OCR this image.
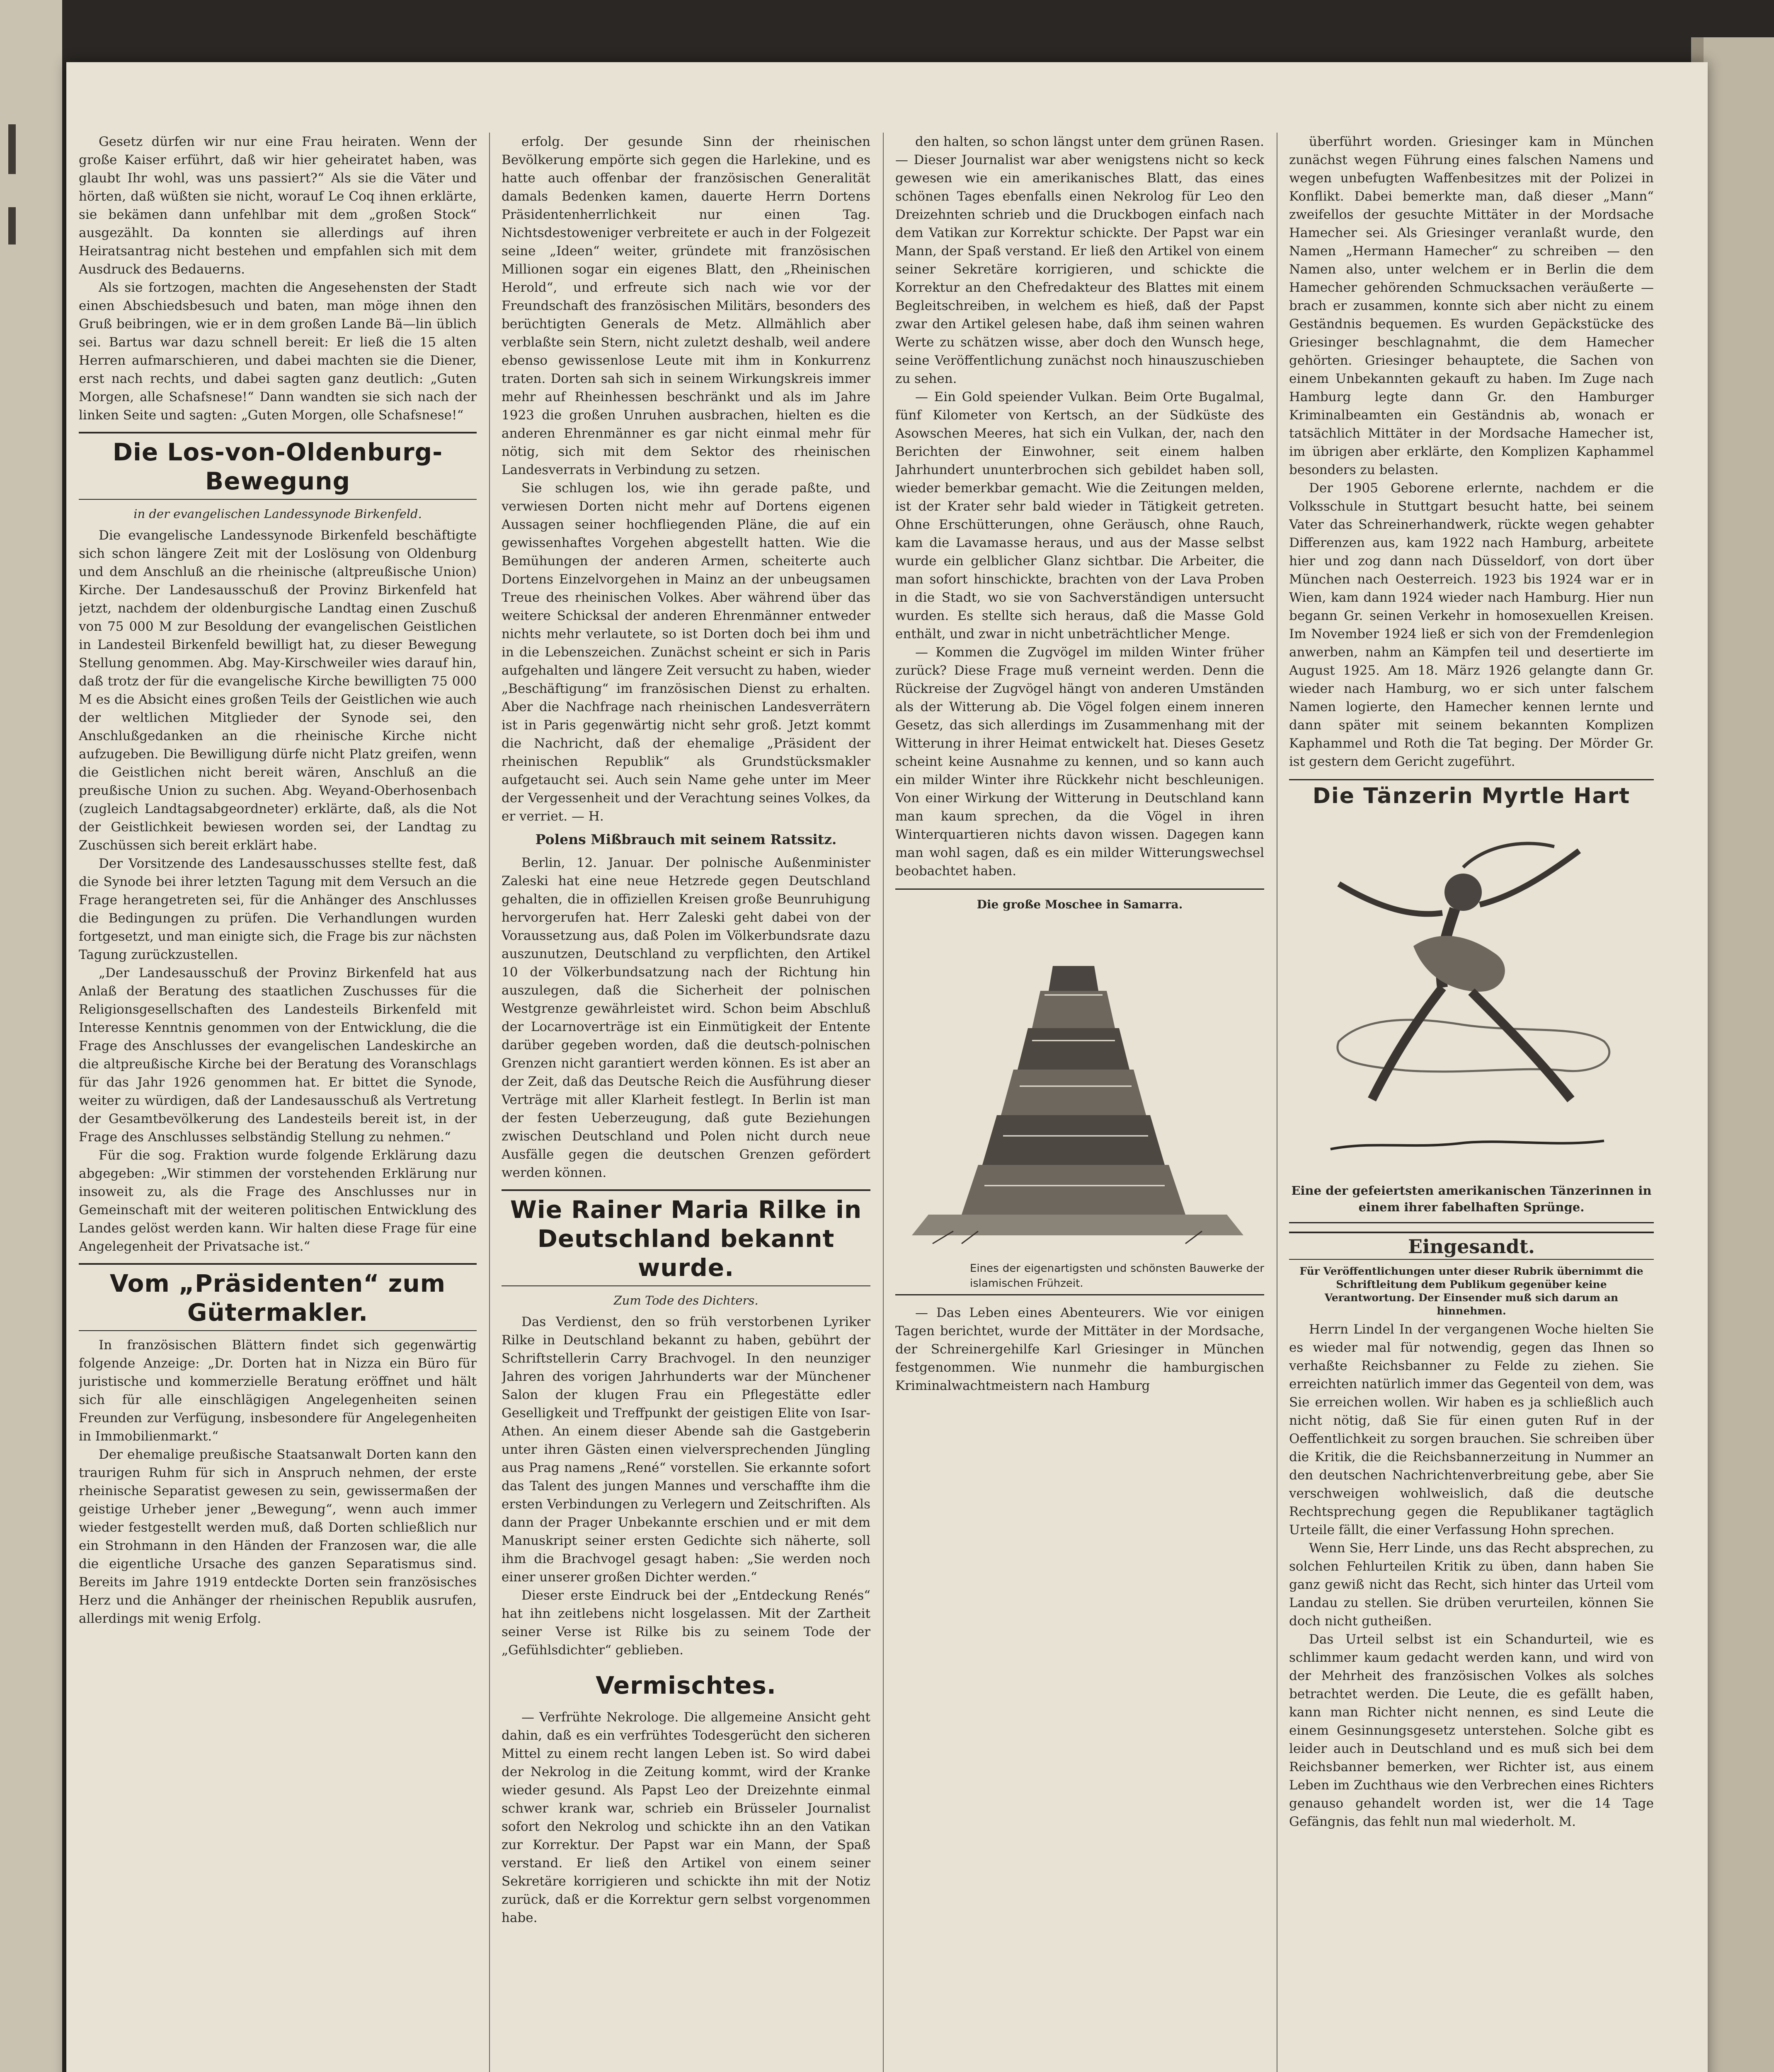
Gesetz dürfen wir nur eine Frau heiraten. Wenn der große Kaiser erführt, daß wir hier geheiratet haben, was glaubt Ihr wohl, was uns passiert?“ Als sie die Väter und hörten, daß wüßten sie nicht, worauf Le Coq ihnen erklärte, sie bekämen dann unfehlbar mit dem „großen Stock“ ausgezählt. Da konnten sie allerdings auf ihren Heiratsantrag nicht bestehen und empfahlen sich mit dem Ausdruck des Bedauerns.

Als sie fortzogen, machten die Angesehensten der Stadt einen Abschiedsbesuch und baten, man möge ihnen den Gruß beibringen, wie er in dem großen Lande Bä—lin üblich sei. Bartus war dazu schnell bereit: Er ließ die 15 alten Herren aufmarschieren, und dabei machten sie die Diener, erst nach rechts, und dabei sagten ganz deutlich: „Guten Morgen, alle Schafsnese!“ Dann wandten sie sich nach der linken Seite und sagten: „Guten Morgen, olle Schafsnese!“

Die Los-von-Oldenburg-Bewegung
in der evangelischen Landessynode Birkenfeld.

Die evangelische Landessynode Birkenfeld beschäftigte sich schon längere Zeit mit der Loslösung von Oldenburg und dem Anschluß an die rheinische (altpreußische Union) Kirche. Der Landesausschuß der Provinz Birkenfeld hat jetzt, nachdem der oldenburgische Landtag einen Zuschuß von 75 000 M zur Besoldung der evangelischen Geistlichen in Landesteil Birkenfeld bewilligt hat, zu dieser Bewegung Stellung genommen. Abg. May-Kirschweiler wies darauf hin, daß trotz der für die evangelische Kirche bewilligten 75 000 M es die Absicht eines großen Teils der Geistlichen wie auch der weltlichen Mitglieder der Synode sei, den Anschlußgedanken an die rheinische Kirche nicht aufzugeben. Die Bewilligung dürfe nicht Platz greifen, wenn die Geistlichen nicht bereit wären, Anschluß an die preußische Union zu suchen. Abg. Weyand-Oberhosenbach (zugleich Landtagsabgeordneter) erklärte, daß, als die Not der Geistlichkeit bewiesen worden sei, der Landtag zu Zuschüssen sich bereit erklärt habe.

Der Vorsitzende des Landesausschusses stellte fest, daß die Synode bei ihrer letzten Tagung mit dem Versuch an die Frage herangetreten sei, für die Anhänger des Anschlusses die Bedingungen zu prüfen. Die Verhandlungen wurden fortgesetzt, und man einigte sich, die Frage bis zur nächsten Tagung zurückzustellen.

„Der Landesausschuß der Provinz Birkenfeld hat aus Anlaß der Beratung des staatlichen Zuschusses für die Religionsgesellschaften des Landesteils Birkenfeld mit Interesse Kenntnis genommen von der Entwicklung, die die Frage des Anschlusses der evangelischen Landeskirche an die altpreußische Kirche bei der Beratung des Voranschlags für das Jahr 1926 genommen hat. Er bittet die Synode, weiter zu würdigen, daß der Landesausschuß als Vertretung der Gesamtbevölkerung des Landesteils bereit ist, in der Frage des Anschlusses selbständig Stellung zu nehmen.“

Für die sog. Fraktion wurde folgende Erklärung dazu abgegeben: „Wir stimmen der vorstehenden Erklärung nur insoweit zu, als die Frage des Anschlusses nur in Gemeinschaft mit der weiteren politischen Entwicklung des Landes gelöst werden kann. Wir halten diese Frage für eine Angelegenheit der Privatsache ist.“

Vom „Präsidenten“ zum Gütermakler.

In französischen Blättern findet sich gegenwärtig folgende Anzeige: „Dr. Dorten hat in Nizza ein Büro für juristische und kommerzielle Beratung eröffnet und hält sich für alle einschlägigen Angelegenheiten seinen Freunden zur Verfügung, insbesondere für Angelegenheiten in Immobilienmarkt.“

Der ehemalige preußische Staatsanwalt Dorten kann den traurigen Ruhm für sich in Anspruch nehmen, der erste rheinische Separatist gewesen zu sein, gewissermaßen der geistige Urheber jener „Bewegung“, wenn auch immer wieder festgestellt werden muß, daß Dorten schließlich nur ein Strohmann in den Händen der Franzosen war, die alle die eigentliche Ursache des ganzen Separatismus sind. Bereits im Jahre 1919 entdeckte Dorten sein französisches Herz und die Anhänger der rheinischen Republik ausrufen, allerdings mit wenig Erfolg.

erfolg. Der gesunde Sinn der rheinischen Bevölkerung empörte sich gegen die Harlekine, und es hatte auch offenbar der französischen Generalität damals Bedenken kamen, dauerte Herrn Dortens Präsidentenherrlichkeit nur einen Tag. Nichtsdestoweniger verbreitete er auch in der Folgezeit seine „Ideen“ weiter, gründete mit französischen Millionen sogar ein eigenes Blatt, den „Rheinischen Herold“, und erfreute sich nach wie vor der Freundschaft des französischen Militärs, besonders des berüchtigten Generals de Metz. Allmählich aber verblaßte sein Stern, nicht zuletzt deshalb, weil andere ebenso gewissenlose Leute mit ihm in Konkurrenz traten. Dorten sah sich in seinem Wirkungskreis immer mehr auf Rheinhessen beschränkt und als im Jahre 1923 die großen Unruhen ausbrachen, hielten es die anderen Ehrenmänner es gar nicht einmal mehr für nötig, sich mit dem Sektor des rheinischen Landesverrats in Verbindung zu setzen.

Sie schlugen los, wie ihn gerade paßte, und verwiesen Dorten nicht mehr auf Dortens eigenen Aussagen seiner hochfliegenden Pläne, die auf ein gewissenhaftes Vorgehen abgestellt hatten. Wie die Bemühungen der anderen Armen, scheiterte auch Dortens Einzelvorgehen in Mainz an der unbeugsamen Treue des rheinischen Volkes. Aber während über das weitere Schicksal der anderen Ehrenmänner entweder nichts mehr verlautete, so ist Dorten doch bei ihm und in die Lebenszeichen. Zunächst scheint er sich in Paris aufgehalten und längere Zeit versucht zu haben, wieder „Beschäftigung“ im französischen Dienst zu erhalten. Aber die Nachfrage nach rheinischen Landesverrätern ist in Paris gegenwärtig nicht sehr groß. Jetzt kommt die Nachricht, daß der ehemalige „Präsident der rheinischen Republik“ als Grundstücksmakler aufgetaucht sei. Auch sein Name gehe unter im Meer der Vergessenheit und der Verachtung seines Volkes, da er verriet. — H.

Polens Mißbrauch mit seinem Ratssitz.

Berlin, 12. Januar. Der polnische Außenminister Zaleski hat eine neue Hetzrede gegen Deutschland gehalten, die in offiziellen Kreisen große Beunruhigung hervorgerufen hat. Herr Zaleski geht dabei von der Voraussetzung aus, daß Polen im Völkerbundsrate dazu auszunutzen, Deutschland zu verpflichten, den Artikel 10 der Völkerbundsatzung nach der Richtung hin auszulegen, daß die Sicherheit der polnischen Westgrenze gewährleistet wird. Schon beim Abschluß der Locarnoverträge ist ein Einmütigkeit der Entente darüber gegeben worden, daß die deutsch-polnischen Grenzen nicht garantiert werden können. Es ist aber an der Zeit, daß das Deutsche Reich die Ausführung dieser Verträge mit aller Klarheit festlegt. In Berlin ist man der festen Ueberzeugung, daß gute Beziehungen zwischen Deutschland und Polen nicht durch neue Ausfälle gegen die deutschen Grenzen gefördert werden können.

Wie Rainer Maria Rilke in Deutschland bekannt wurde.
Zum Tode des Dichters.

Das Verdienst, den so früh verstorbenen Lyriker Rilke in Deutschland bekannt zu haben, gebührt der Schriftstellerin Carry Brachvogel. In den neunziger Jahren des vorigen Jahrhunderts war der Münchener Salon der klugen Frau ein Pflegestätte edler Geselligkeit und Treffpunkt der geistigen Elite von Isar-Athen. An einem dieser Abende sah die Gastgeberin unter ihren Gästen einen vielversprechenden Jüngling aus Prag namens „René“ vorstellen. Sie erkannte sofort das Talent des jungen Mannes und verschaffte ihm die ersten Verbindungen zu Verlegern und Zeitschriften. Als dann der Prager Unbekannte erschien und er mit dem Manuskript seiner ersten Gedichte sich näherte, soll ihm die Brachvogel gesagt haben: „Sie werden noch einer unserer großen Dichter werden.“

Dieser erste Eindruck bei der „Entdeckung Renés“ hat ihn zeitlebens nicht losgelassen. Mit der Zartheit seiner Verse ist Rilke bis zu seinem Tode der „Gefühlsdichter“ geblieben.

Vermischtes.

— Verfrühte Nekrologe. Die allgemeine Ansicht geht dahin, daß es ein verfrühtes Todesgerücht den sicheren Mittel zu einem recht langen Leben ist. So wird dabei der Nekrolog in die Zeitung kommt, wird der Kranke wieder gesund. Als Papst Leo der Dreizehnte einmal schwer krank war, schrieb ein Brüsseler Journalist sofort den Nekrolog und schickte ihn an den Vatikan zur Korrektur. Der Papst war ein Mann, der Spaß verstand. Er ließ den Artikel von einem seiner Sekretäre korrigieren und schickte ihn mit der Notiz zurück, daß er die Korrektur gern selbst vorgenommen habe.

den halten, so schon längst unter dem grünen Rasen. — Dieser Journalist war aber wenigstens nicht so keck gewesen wie ein amerikanisches Blatt, das eines schönen Tages ebenfalls einen Nekrolog für Leo den Dreizehnten schrieb und die Druckbogen einfach nach dem Vatikan zur Korrektur schickte. Der Papst war ein Mann, der Spaß verstand. Er ließ den Artikel von einem seiner Sekretäre korrigieren, und schickte die Korrektur an den Chefredakteur des Blattes mit einem Begleitschreiben, in welchem es hieß, daß der Papst zwar den Artikel gelesen habe, daß ihm seinen wahren Werte zu schätzen wisse, aber doch den Wunsch hege, seine Veröffentlichung zunächst noch hinauszuschieben zu sehen.

— Ein Gold speiender Vulkan. Beim Orte Bugalmal, fünf Kilometer von Kertsch, an der Südküste des Asowschen Meeres, hat sich ein Vulkan, der, nach den Berichten der Einwohner, seit einem halben Jahrhundert ununterbrochen sich gebildet haben soll, wieder bemerkbar gemacht. Wie die Zeitungen melden, ist der Krater sehr bald wieder in Tätigkeit getreten. Ohne Erschütterungen, ohne Geräusch, ohne Rauch, kam die Lavamasse heraus, und aus der Masse selbst wurde ein gelblicher Glanz sichtbar. Die Arbeiter, die man sofort hinschickte, brachten von der Lava Proben in die Stadt, wo sie von Sachverständigen untersucht wurden. Es stellte sich heraus, daß die Masse Gold enthält, und zwar in nicht unbeträchtlicher Menge.

— Kommen die Zugvögel im milden Winter früher zurück? Diese Frage muß verneint werden. Denn die Rückreise der Zugvögel hängt von anderen Umständen als der Witterung ab. Die Vögel folgen einem inneren Gesetz, das sich allerdings im Zusammenhang mit der Witterung in ihrer Heimat entwickelt hat. Dieses Gesetz scheint keine Ausnahme zu kennen, und so kann auch ein milder Winter ihre Rückkehr nicht beschleunigen. Von einer Wirkung der Witterung in Deutschland kann man kaum sprechen, da die Vögel in ihren Winterquartieren nichts davon wissen. Dagegen kann man wohl sagen, daß es ein milder Witterungswechsel beobachtet haben.

Die große Moschee in Samarra.
Eines der eigenartigsten und schönsten Bauwerke der islamischen Frühzeit.

— Das Leben eines Abenteurers. Wie vor einigen Tagen berichtet, wurde der Mittäter in der Mordsache, der Schreinergehilfe Karl Griesinger in München festgenommen. Wie nunmehr die hamburgischen Kriminalwachtmeistern nach Hamburg

überführt worden. Griesinger kam in München zunächst wegen Führung eines falschen Namens und wegen unbefugten Waffenbesitzes mit der Polizei in Konflikt. Dabei bemerkte man, daß dieser „Mann“ zweifellos der gesuchte Mittäter in der Mordsache Hamecher sei. Als Griesinger veranlaßt wurde, den Namen „Hermann Hamecher“ zu schreiben — den Namen also, unter welchem er in Berlin die dem Hamecher gehörenden Schmucksachen veräußerte — brach er zusammen, konnte sich aber nicht zu einem Geständnis bequemen. Es wurden Gepäckstücke des Griesinger beschlagnahmt, die dem Hamecher gehörten. Griesinger behauptete, die Sachen von einem Unbekannten gekauft zu haben. Im Zuge nach Hamburg legte dann Gr. den Hamburger Kriminalbeamten ein Geständnis ab, wonach er tatsächlich Mittäter in der Mordsache Hamecher ist, im übrigen aber erklärte, den Komplizen Kaphammel besonders zu belasten.

Der 1905 Geborene erlernte, nachdem er die Volksschule in Stuttgart besucht hatte, bei seinem Vater das Schreinerhandwerk, rückte wegen gehabter Differenzen aus, kam 1922 nach Hamburg, arbeitete hier und zog dann nach Düsseldorf, von dort über München nach Oesterreich. 1923 bis 1924 war er in Wien, kam dann 1924 wieder nach Hamburg. Hier nun begann Gr. seinen Verkehr in homosexuellen Kreisen. Im November 1924 ließ er sich von der Fremdenlegion anwerben, nahm an Kämpfen teil und desertierte im August 1925. Am 18. März 1926 gelangte dann Gr. wieder nach Hamburg, wo er sich unter falschem Namen logierte, den Hamecher kennen lernte und dann später mit seinem bekannten Komplizen Kaphammel und Roth die Tat beging. Der Mörder Gr. ist gestern dem Gericht zugeführt.

Die Tänzerin Myrtle Hart
Eine der gefeiertsten amerikanischen Tänzerinnen in einem ihrer fabelhaften Sprünge.
Eingesandt.
Für Veröffentlichungen unter dieser Rubrik übernimmt die Schriftleitung dem Publikum gegenüber keine Verantwortung. Der Einsender muß sich darum an hinnehmen.

Herrn Lindel In der vergangenen Woche hielten Sie es wieder mal für notwendig, gegen das Ihnen so verhaßte Reichsbanner zu Felde zu ziehen. Sie erreichten natürlich immer das Gegenteil von dem, was Sie erreichen wollen. Wir haben es ja schließlich auch nicht nötig, daß Sie für einen guten Ruf in der Oeffentlichkeit zu sorgen brauchen. Sie schreiben über die Kritik, die die Reichsbannerzeitung in Nummer an den deutschen Nachrichtenverbreitung gebe, aber Sie verschweigen wohlweislich, daß die deutsche Rechtsprechung gegen die Republikaner tagtäglich Urteile fällt, die einer Verfassung Hohn sprechen.

Wenn Sie, Herr Linde, uns das Recht absprechen, zu solchen Fehlurteilen Kritik zu üben, dann haben Sie ganz gewiß nicht das Recht, sich hinter das Urteil vom Landau zu stellen. Sie drüben verurteilen, können Sie doch nicht gutheißen.

Das Urteil selbst ist ein Schandurteil, wie es schlimmer kaum gedacht werden kann, und wird von der Mehrheit des französischen Volkes als solches betrachtet werden. Die Leute, die es gefällt haben, kann man Richter nicht nennen, es sind Leute die einem Gesinnungsgesetz unterstehen. Solche gibt es leider auch in Deutschland und es muß sich bei dem Reichsbanner bemerken, wer Richter ist, aus einem Leben im Zuchthaus wie den Verbrechen eines Richters genauso gehandelt worden ist, wer die 14 Tage Gefängnis, das fehlt nun mal wiederholt. M.
